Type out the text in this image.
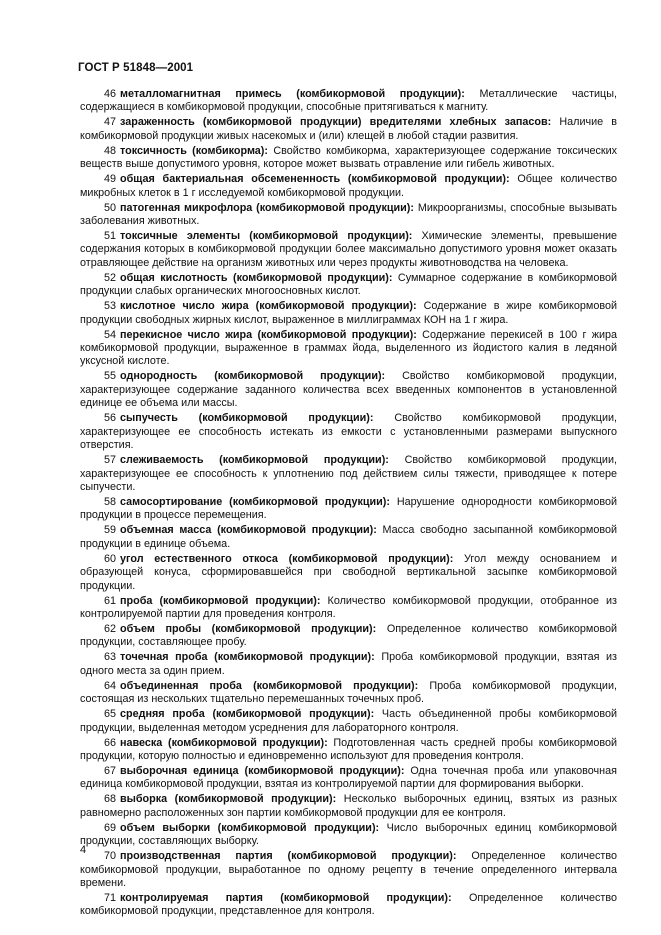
ГОСТ Р 51848—2001

46 металломагнитная примесь (комбикормовой продукции): Металлические частицы, содержащиеся в комбикормовой продукции, способные притягиваться к магниту.

47 зараженность (комбикормовой продукции) вредителями хлебных запасов: Наличие в комбикормовой продукции живых насекомых и (или) клещей в любой стадии развития.

48 токсичность (комбикорма): Свойство комбикорма, характеризующее содержание токсических веществ выше допустимого уровня, которое может вызвать отравление или гибель животных.

49 общая бактериальная обсемененность (комбикормовой продукции): Общее количество микробных клеток в 1 г исследуемой комбикормовой продукции.

50 патогенная микрофлора (комбикормовой продукции): Микроорганизмы, способные вызывать заболевания животных.

51 токсичные элементы (комбикормовой продукции): Химические элементы, превышение содержания которых в комбикормовой продукции более максимально допустимого уровня может оказать отравляющее действие на организм животных или через продукты животноводства на человека.

52 общая кислотность (комбикормовой продукции): Суммарное содержание в комбикормовой продукции слабых органических многоосновных кислот.

53 кислотное число жира (комбикормовой продукции): Содержание в жире комбикормовой продукции свободных жирных кислот, выраженное в миллиграммах КОН на 1 г жира.

54 перекисное число жира (комбикормовой продукции): Содержание перекисей в 100 г жира комбикормовой продукции, выраженное в граммах йода, выделенного из йодистого калия в ледяной уксусной кислоте.

55 однородность (комбикормовой продукции): Свойство комбикормовой продукции, характеризующее содержание заданного количества всех введенных компонентов в установленной единице ее объема или массы.

56 сыпучесть (комбикормовой продукции): Свойство комбикормовой продукции, характеризующее ее способность истекать из емкости с установленными размерами выпускного отверстия.

57 слеживаемость (комбикормовой продукции): Свойство комбикормовой продукции, характеризующее ее способность к уплотнению под действием силы тяжести, приводящее к потере сыпучести.

58 самосортирование (комбикормовой продукции): Нарушение однородности комбикормовой продукции в процессе перемещения.

59 объемная масса (комбикормовой продукции): Масса свободно засыпанной комбикормовой продукции в единице объема.

60 угол естественного откоса (комбикормовой продукции): Угол между основанием и образующей конуса, сформировавшейся при свободной вертикальной засыпке комбикормовой продукции.

61 проба (комбикормовой продукции): Количество комбикормовой продукции, отобранное из контролируемой партии для проведения контроля.

62 объем пробы (комбикормовой продукции): Определенное количество комбикормовой продукции, составляющее пробу.

63 точечная проба (комбикормовой продукции): Проба комбикормовой продукции, взятая из одного места за один прием.

64 объединенная проба (комбикормовой продукции): Проба комбикормовой продукции, состоящая из нескольких тщательно перемешанных точечных проб.

65 средняя проба (комбикормовой продукции): Часть объединенной пробы комбикормовой продукции, выделенная методом усреднения для лабораторного контроля.

66 навеска (комбикормовой продукции): Подготовленная часть средней пробы комбикормовой продукции, которую полностью и единовременно используют для проведения контроля.

67 выборочная единица (комбикормовой продукции): Одна точечная проба или упаковочная единица комбикормовой продукции, взятая из контролируемой партии для формирования выборки.

68 выборка (комбикормовой продукции): Несколько выборочных единиц, взятых из разных равномерно расположенных зон партии комбикормовой продукции для ее контроля.

69 объем выборки (комбикормовой продукции): Число выборочных единиц комбикормовой продукции, составляющих выборку.

70 производственная партия (комбикормовой продукции): Определенное количество комбикормовой продукции, выработанное по одному рецепту в течение определенного интервала времени.

71 контролируемая партия (комбикормовой продукции): Определенное количество комбикормовой продукции, представленное для контроля.

4
